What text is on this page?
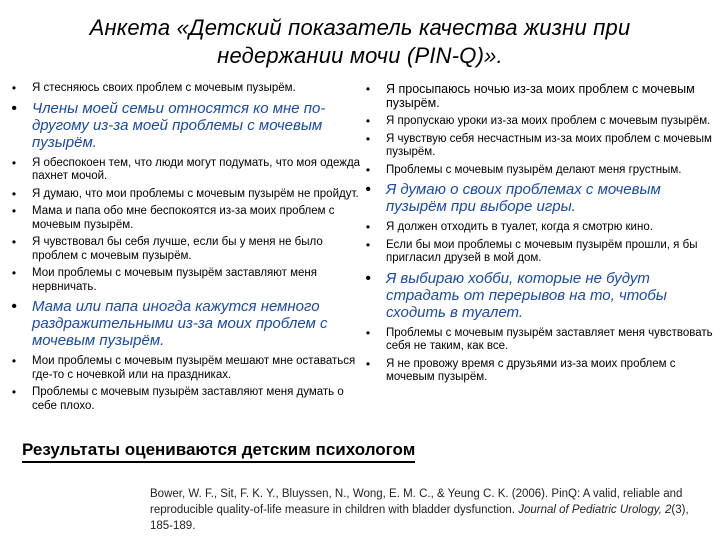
Анкета «Детский показатель качества жизни при недержании мочи (PIN-Q)».
•	Я стесняюсь своих проблем с мочевым пузырём.
•	Члены моей семьи относятся ко мне по-другому из-за моей проблемы с мочевым пузырём.
•	Я обеспокоен тем, что люди могут подумать, что моя одежда пахнет мочой.
•	Я думаю, что мои проблемы с мочевым пузырём не пройдут.
•	Мама и папа обо мне беспокоятся из-за моих проблем с мочевым пузырём.
•	Я чувствовал бы себя лучше, если бы у меня не было проблем с мочевым пузырём.
•	Мои проблемы с мочевым пузырём заставляют меня нервничать.
•	Мама или папа иногда кажутся немного раздражительными из-за моих проблем с мочевым пузырём.
•	Мои проблемы с мочевым пузырём мешают мне оставаться где-то с ночевкой или на праздниках.
•	Проблемы с мочевым пузырём заставляют меня думать о себе плохо.
•	Я просыпаюсь ночью из-за моих проблем с мочевым пузырём.
•	Я пропускаю уроки из-за моих проблем с мочевым пузырём.
•	Я чувствую себя несчастным из-за моих проблем с мочевым пузырём.
•	Проблемы с мочевым пузырём делают меня грустным.
•	Я думаю о своих проблемах с мочевым пузырём при выборе игры.
•	Я должен отходить в туалет, когда я смотрю кино.
•	Если бы мои проблемы с мочевым пузырём прошли, я бы пригласил друзей в мой дом.
•	Я выбираю хобби, которые не будут страдать от перерывов на то, чтобы сходить в туалет.
•	Проблемы с мочевым пузырём заставляет меня чувствовать себя не таким, как все.
•	Я не провожу время с друзьями из-за моих проблем с мочевым пузырём.
Результаты оцениваются детским психологом
Bower, W. F., Sit, F. K. Y., Bluyssen, N., Wong, E. M. C., & Yeung C. K. (2006). PinQ: A valid, reliable and reproducible quality-of-life measure in children with bladder dysfunction. Journal of Pediatric Urology, 2(3), 185-189.
